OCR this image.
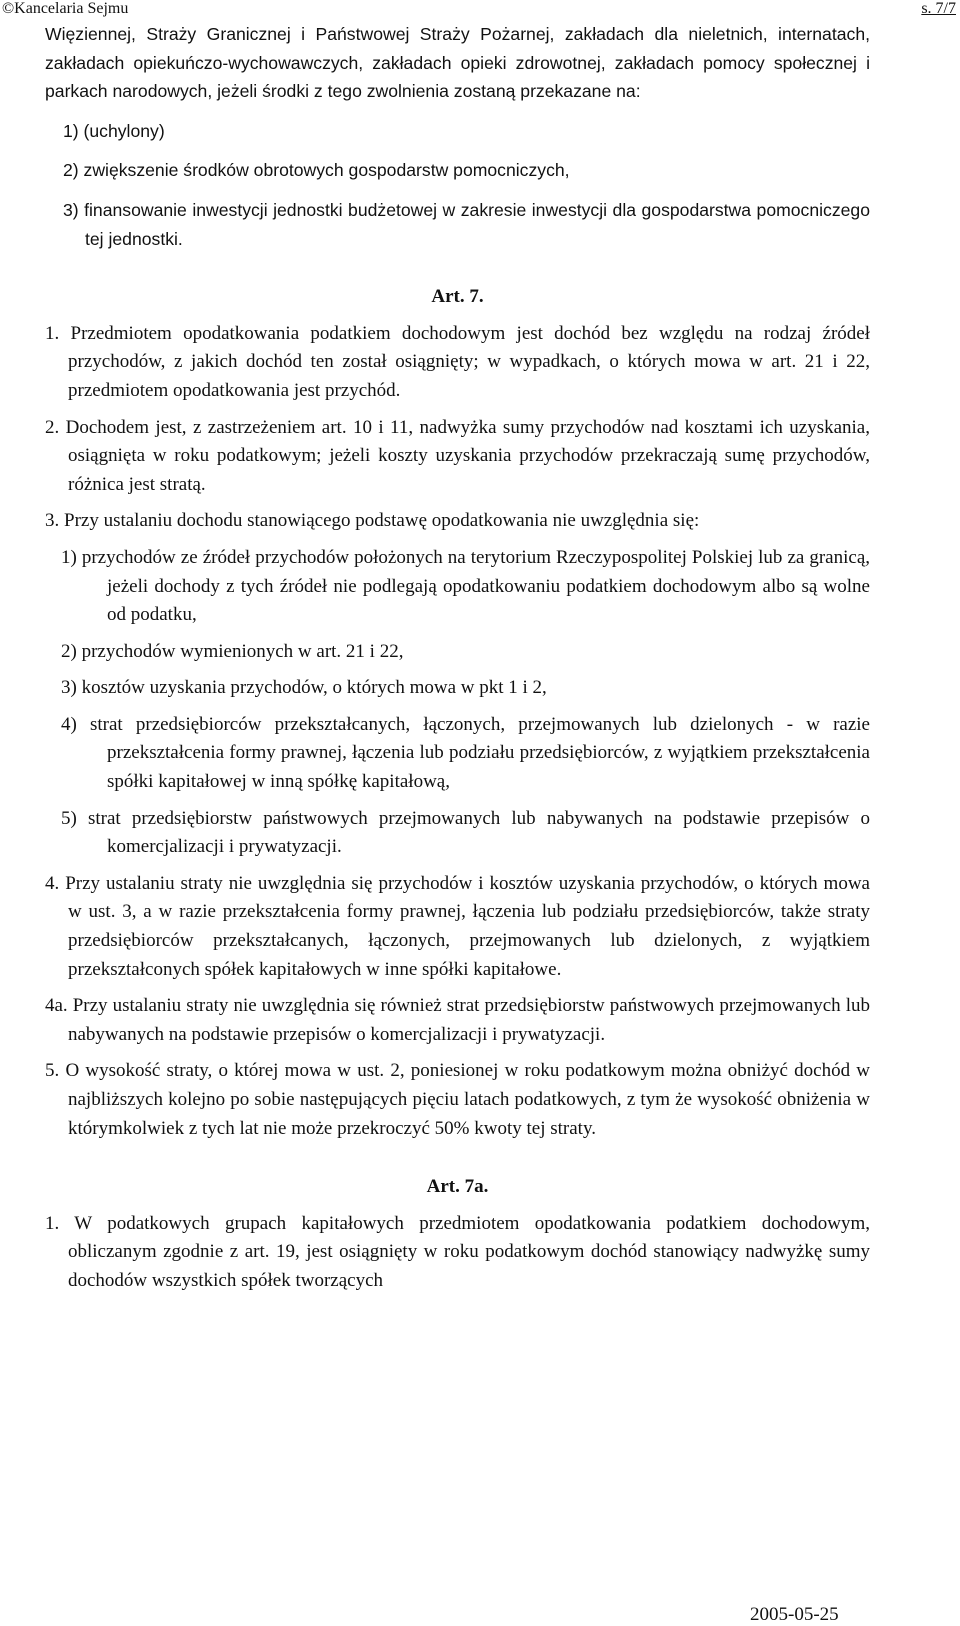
©Kancelaria Sejmu	s. 7/7

Więziennej, Straży Granicznej i Państwowej Straży Pożarnej, zakładach dla nieletnich, internatach, zakładach opiekuńczo-wychowawczych, zakładach opieki zdrowotnej, zakładach pomocy społecznej i parkach narodowych, jeżeli środki z tego zwolnienia zostaną przekazane na:

1) (uchylony)

2) zwiększenie środków obrotowych gospodarstw pomocniczych,

3) finansowanie inwestycji jednostki budżetowej w zakresie inwestycji dla gospodarstwa pomocniczego tej jednostki.

Art. 7.

1. Przedmiotem opodatkowania podatkiem dochodowym jest dochód bez względu na rodzaj źródeł przychodów, z jakich dochód ten został osiągnięty; w wypadkach, o których mowa w art. 21 i 22, przedmiotem opodatkowania jest przychód.

2. Dochodem jest, z zastrzeżeniem art. 10 i 11, nadwyżka sumy przychodów nad kosztami ich uzyskania, osiągnięta w roku podatkowym; jeżeli koszty uzyskania przychodów przekraczają sumę przychodów, różnica jest stratą.

3. Przy ustalaniu dochodu stanowiącego podstawę opodatkowania nie uwzględnia się:

1) przychodów ze źródeł przychodów położonych na terytorium Rzeczypospolitej Polskiej lub za granicą, jeżeli dochody z tych źródeł nie podlegają opodatkowaniu podatkiem dochodowym albo są wolne od podatku,

2) przychodów wymienionych w art. 21 i 22,

3) kosztów uzyskania przychodów, o których mowa w pkt 1 i 2,

4) strat przedsiębiorców przekształcanych, łączonych, przejmowanych lub dzielonych - w razie przekształcenia formy prawnej, łączenia lub podziału przedsiębiorców, z wyjątkiem przekształcenia spółki kapitałowej w inną spółkę kapitałową,

5) strat przedsiębiorstw państwowych przejmowanych lub nabywanych na podstawie przepisów o komercjalizacji i prywatyzacji.

4. Przy ustalaniu straty nie uwzględnia się przychodów i kosztów uzyskania przychodów, o których mowa w ust. 3, a w razie przekształcenia formy prawnej, łączenia lub podziału przedsiębiorców, także straty przedsiębiorców przekształcanych, łączonych, przejmowanych lub dzielonych, z wyjątkiem przekształconych spółek kapitałowych w inne spółki kapitałowe.

4a. Przy ustalaniu straty nie uwzględnia się również strat przedsiębiorstw państwowych przejmowanych lub nabywanych na podstawie przepisów o komercjalizacji i prywatyzacji.

5. O wysokość straty, o której mowa w ust. 2, poniesionej w roku podatkowym można obniżyć dochód w najbliższych kolejno po sobie następujących pięciu latach podatkowych, z tym że wysokość obniżenia w którymkolwiek z tych lat nie może przekroczyć 50% kwoty tej straty.

Art. 7a.

1. W podatkowych grupach kapitałowych przedmiotem opodatkowania podatkiem dochodowym, obliczanym zgodnie z art. 19, jest osiągnięty w roku podatkowym dochód stanowiący nadwyżkę sumy dochodów wszystkich spółek tworzących

2005-05-25
